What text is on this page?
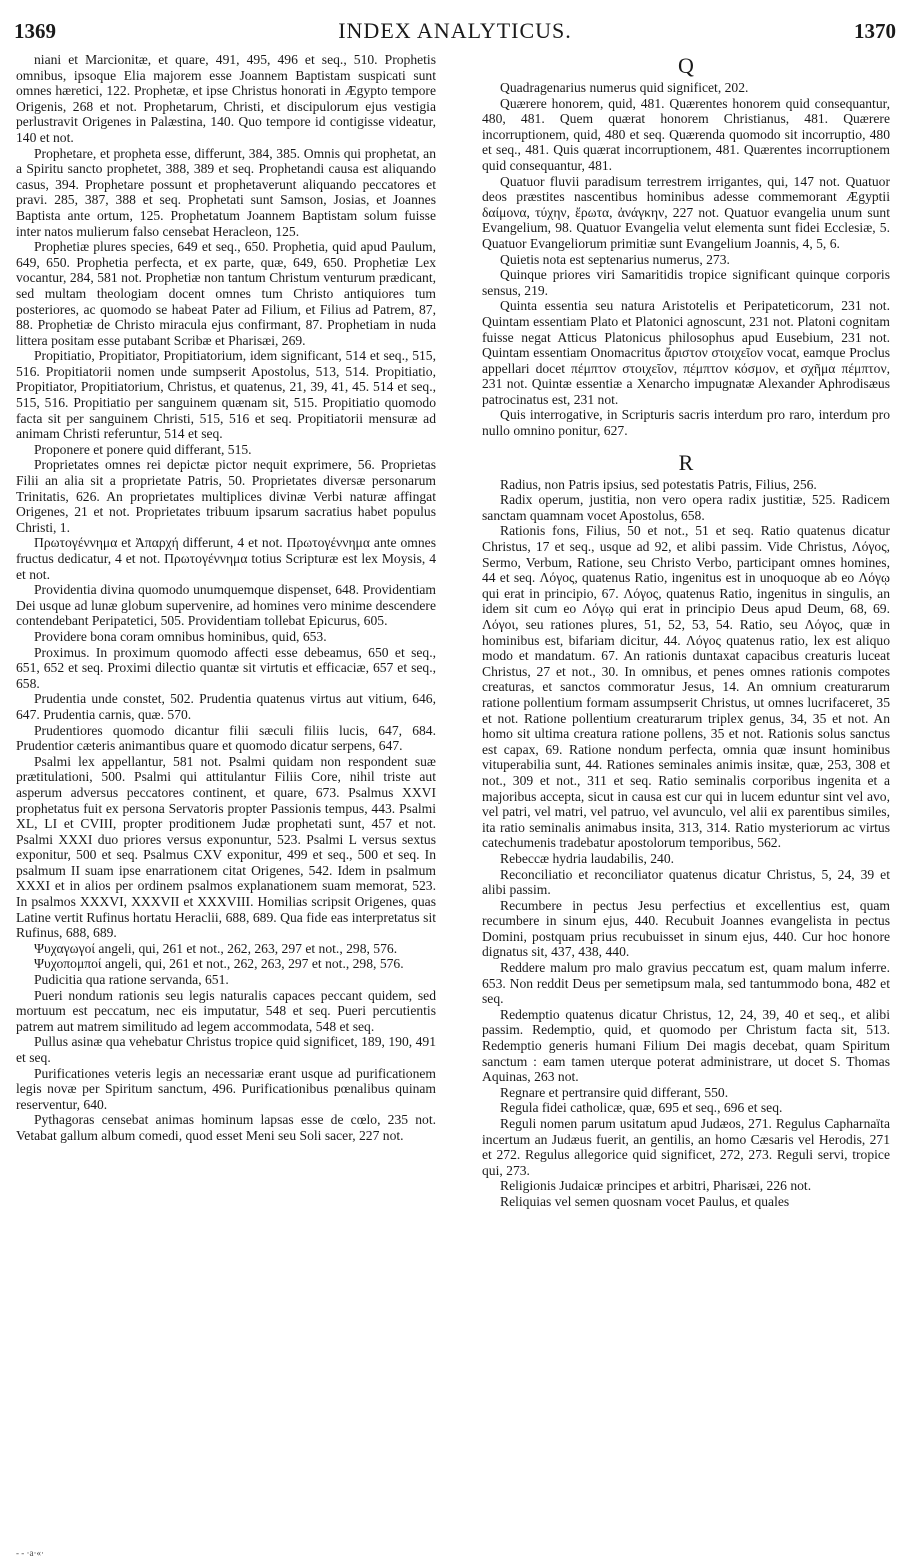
1369	INDEX ANALYTICUS.	1370

niani et Marcionitæ, et quare, 491, 495, 496 et seq., 510. Prophetis omnibus, ipsoque Elia majorem esse Joannem Baptistam suspicati sunt omnes hæretici, 122. Prophetæ, et ipse Christus honorati in Ægypto tempore Origenis, 268 et not. Prophetarum, Christi, et discipulorum ejus vestigia perlustravit Origenes in Palæstina, 140. Quo tempore id contigisse videatur, 140 et not.

Prophetare, et propheta esse, differunt, 384, 385. Omnis qui prophetat, an a Spiritu sancto prophetet, 388, 389 et seq. Prophetandi causa est aliquando casus, 394. Prophetare possunt et prophetaverunt aliquando peccatores et pravi. 285, 387, 388 et seq. Prophetati sunt Samson, Josias, et Joannes Baptista ante ortum, 125. Prophetatum Joannem Baptistam solum fuisse inter natos mulierum falso censebat Heracleon, 125.

Prophetiæ plures species, 649 et seq., 650. Prophetia, quid apud Paulum, 649, 650. Prophetia perfecta, et ex parte, quæ, 649, 650. Prophetiæ Lex vocantur, 284, 581 not. Prophetiæ non tantum Christum venturum prædicant, sed multam theologiam docent omnes tum Christo antiquiores tum posteriores, ac quomodo se habeat Pater ad Filium, et Filius ad Patrem, 87, 88. Prophetiæ de Christo miracula ejus confirmant, 87. Prophetiam in nuda littera positam esse putabant Scribæ et Pharisæi, 269.

Propitiatio, Propitiator, Propitiatorium, idem significant, 514 et seq., 515, 516. Propitiatorii nomen unde sumpserit Apostolus, 513, 514. Propitiatio, Propitiator, Propitiatorium, Christus, et quatenus, 21, 39, 41, 45. 514 et seq., 515, 516. Propitiatio per sanguinem quænam sit, 515. Propitiatio quomodo facta sit per sanguinem Christi, 515, 516 et seq. Propitiatorii mensuræ ad animam Christi referuntur, 514 et seq.

Proponere et ponere quid differant, 515.

Proprietates omnes rei depictæ pictor nequit exprimere, 56. Proprietas Filii an alia sit a proprietate Patris, 50. Proprietates diversæ personarum Trinitatis, 626. An proprietates multiplices divinæ Verbi naturæ affingat Origenes, 21 et not. Proprietates tribuum ipsarum sacratius habet populus Christi, 1.

Πρωτογέννημα et Ἀπαρχή differunt, 4 et not. Πρωτογέννημα ante omnes fructus dedicatur, 4 et not. Πρωτογέννημα totius Scripturæ est lex Moysis, 4 et not.

Providentia divina quomodo unumquemque dispenset, 648. Providentiam Dei usque ad lunæ globum supervenire, ad homines vero minime descendere contendebant Peripatetici, 505. Providentiam tollebat Epicurus, 605.

Providere bona coram omnibus hominibus, quid, 653.

Proximus. In proximum quomodo affecti esse debeamus, 650 et seq., 651, 652 et seq. Proximi dilectio quantæ sit virtutis et efficaciæ, 657 et seq., 658.

Prudentia unde constet, 502. Prudentia quatenus virtus aut vitium, 646, 647. Prudentia carnis, quæ. 570.

Prudentiores quomodo dicantur filii sæculi filiis lucis, 647, 684. Prudentior cæteris animantibus quare et quomodo dicatur serpens, 647.

Psalmi lex appellantur, 581 not. Psalmi quidam non respondent suæ prætitulationi, 500. Psalmi qui attitulantur Filiis Core, nihil triste aut asperum adversus peccatores continent, et quare, 673. Psalmus XXVI prophetatus fuit ex persona Servatoris propter Passionis tempus, 443. Psalmi XL, LI et CVIII, propter proditionem Judæ prophetati sunt, 457 et not. Psalmi XXXI duo priores versus exponuntur, 523. Psalmi L versus sextus exponitur, 500 et seq. Psalmus CXV exponitur, 499 et seq., 500 et seq. In psalmum II suam ipse enarrationem citat Origenes, 542. Idem in psalmum XXXI et in alios per ordinem psalmos explanationem suam memorat, 523. In psalmos XXXVI, XXXVII et XXXVIII. Homilias scripsit Origenes, quas Latine vertit Rufinus hortatu Heraclii, 688, 689. Qua fide eas interpretatus sit Rufinus, 688, 689.

Ψυχαγωγοί angeli, qui, 261 et not., 262, 263, 297 et not., 298, 576.

Ψυχοπομποί angeli, qui, 261 et not., 262, 263, 297 et not., 298, 576.

Pudicitia qua ratione servanda, 651.

Pueri nondum rationis seu legis naturalis capaces peccant quidem, sed mortuum est peccatum, nec eis imputatur, 548 et seq. Pueri percutientis patrem aut matrem similitudo ad legem accommodata, 548 et seq.

Pullus asinæ qua vehebatur Christus tropice quid significet, 189, 190, 491 et seq.

Purificationes veteris legis an necessariæ erant usque ad purificationem legis novæ per Spiritum sanctum, 496. Purificationibus pœnalibus quinam reserventur, 640.

Pythagoras censebat animas hominum lapsas esse de cœlo, 235 not. Vetabat gallum album comedi, quod esset Meni seu Soli sacer, 227 not.

Q

Quadragenarius numerus quid significet, 202.

Quærere honorem, quid, 481. Quærentes honorem quid consequantur, 480, 481. Quem quærat honorem Christianus, 481. Quærere incorruptionem, quid, 480 et seq. Quærenda quomodo sit incorruptio, 480 et seq., 481. Quis quærat incorruptionem, 481. Quærentes incorruptionem quid consequantur, 481.

Quatuor fluvii paradisum terrestrem irrigantes, qui, 147 not. Quatuor deos præstites nascentibus hominibus adesse commemorant Ægyptii δαίμονα, τύχην, ἔρωτα, ἀνάγκην, 227 not. Quatuor evangelia unum sunt Evangelium, 98. Quatuor Evangelia velut elementa sunt fidei Ecclesiæ, 5. Quatuor Evangeliorum primitiæ sunt Evangelium Joannis, 4, 5, 6.

Quietis nota est septenarius numerus, 273.

Quinque priores viri Samaritidis tropice significant quinque corporis sensus, 219.

Quinta essentia seu natura Aristotelis et Peripateticorum, 231 not. Quintam essentiam Plato et Platonici agnoscunt, 231 not. Platoni cognitam fuisse negat Atticus Platonicus philosophus apud Eusebium, 231 not. Quintam essentiam Onomacritus ἄριστον στοιχεῖον vocat, eamque Proclus appellari docet πέμπτον στοιχεῖον, πέμπτον κόσμον, et σχῆμα πέμπτον, 231 not. Quintæ essentiæ a Xenarcho impugnatæ Alexander Aphrodisæus patrocinatus est, 231 not.

Quis interrogative, in Scripturis sacris interdum pro raro, interdum pro nullo omnino ponitur, 627.

R

Radius, non Patris ipsius, sed potestatis Patris, Filius, 256.

Radix operum, justitia, non vero opera radix justitiæ, 525. Radicem sanctam quamnam vocet Apostolus, 658.

Rationis fons, Filius, 50 et not., 51 et seq. Ratio quatenus dicatur Christus, 17 et seq., usque ad 92, et alibi passim. Vide Christus, Λόγος, Sermo, Verbum, Ratione, seu Christo Verbo, participant omnes homines, 44 et seq. Λόγος, quatenus Ratio, ingenitus est in unoquoque ab eo Λόγῳ qui erat in principio, 67. Λόγος, quatenus Ratio, ingenitus in singulis, an idem sit cum eo Λόγῳ qui erat in principio Deus apud Deum, 68, 69. Λόγοι, seu rationes plures, 51, 52, 53, 54. Ratio, seu Λόγος, quæ in hominibus est, bifariam dicitur, 44. Λόγος quatenus ratio, lex est aliquo modo et mandatum. 67. An rationis duntaxat capacibus creaturis luceat Christus, 27 et not., 30. In omnibus, et penes omnes rationis compotes creaturas, et sanctos commoratur Jesus, 14. An omnium creaturarum ratione pollentium formam assumpserit Christus, ut omnes lucrifaceret, 35 et not. Ratione pollentium creaturarum triplex genus, 34, 35 et not. An homo sit ultima creatura ratione pollens, 35 et not. Rationis solus sanctus est capax, 69. Ratione nondum perfecta, omnia quæ insunt hominibus vituperabilia sunt, 44. Rationes seminales animis insitæ, quæ, 253, 308 et not., 309 et not., 311 et seq. Ratio seminalis corporibus ingenita et a majoribus accepta, sicut in causa est cur qui in lucem eduntur sint vel avo, vel patri, vel matri, vel patruo, vel avunculo, vel alii ex parentibus similes, ita ratio seminalis animabus insita, 313, 314. Ratio mysteriorum ac virtus catechumenis tradebatur apostolorum temporibus, 562.

Rebeccæ hydria laudabilis, 240.

Reconciliatio et reconciliator quatenus dicatur Christus, 5, 24, 39 et alibi passim.

Recumbere in pectus Jesu perfectius et excellentius est, quam recumbere in sinum ejus, 440. Recubuit Joannes evangelista in pectus Domini, postquam prius recubuisset in sinum ejus, 440. Cur hoc honore dignatus sit, 437, 438, 440.

Reddere malum pro malo gravius peccatum est, quam malum inferre. 653. Non reddit Deus per semetipsum mala, sed tantummodo bona, 482 et seq.

Redemptio quatenus dicatur Christus, 12, 24, 39, 40 et seq., et alibi passim. Redemptio, quid, et quomodo per Christum facta sit, 513. Redemptio generis humani Filium Dei magis decebat, quam Spiritum sanctum : eam tamen uterque poterat administrare, ut docet S. Thomas Aquinas, 263 not.

Regnare et pertransire quid differant, 550.

Regula fidei catholicæ, quæ, 695 et seq., 696 et seq.

Reguli nomen parum usitatum apud Judæos, 271. Regulus Capharnaïta incertum an Judæus fuerit, an gentilis, an homo Cæsaris vel Herodis, 271 et 272. Regulus allegorice quid significet, 272, 273. Reguli servi, tropice qui, 273.

Religionis Judaicæ principes et arbitri, Pharisæi, 226 not.

Reliquias vel semen quosnam vocet Paulus, et quales

- - ·a·«·
